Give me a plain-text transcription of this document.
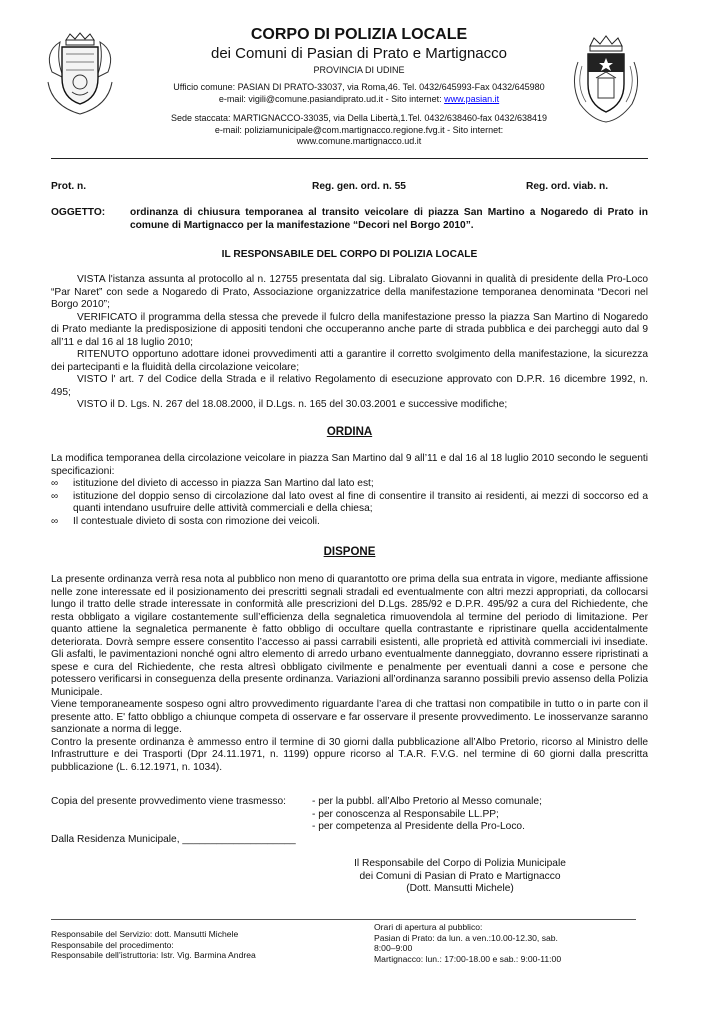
CORPO DI POLIZIA LOCALE
dei Comuni di Pasian di Prato e Martignacco
PROVINCIA DI UDINE
Ufficio comune: PASIAN DI PRATO-33037, via Roma,46. Tel. 0432/645993-Fax 0432/645980
e-mail: vigili@comune.pasiandiprato.ud.it - Sito internet: www.pasian.it
Sede staccata: MARTIGNACCO-33035, via Della Libertà,1.Tel. 0432/638460-fax 0432/638419
e-mail: poliziamunicipale@com.martignacco.regione.fvg.it - Sito internet:
www.comune.martignacco.ud.it
Prot. n.	Reg. gen. ord. n. 55	Reg. ord. viab. n.
OGGETTO: ordinanza di chiusura temporanea al transito veicolare di piazza San Martino a Nogaredo di Prato in comune di Martignacco per la manifestazione “Decori nel Borgo 2010”.
IL RESPONSABILE DEL CORPO DI POLIZIA LOCALE
VISTA l'istanza assunta al protocollo al n. 12755 presentata dal sig. Libralato Giovanni in qualità di presidente della Pro-Loco “Par Naret” con sede a Nogaredo di Prato, Associazione organizzatrice della manifestazione temporanea denominata “Decori nel Borgo 2010”;
VERIFICATO il programma della stessa che prevede il fulcro della manifestazione presso la piazza San Martino di Nogaredo di Prato mediante la predisposizione di appositi tendoni che occuperanno anche parte di strada pubblica e dei parcheggi auto dal 9 all’11 e dal 16 al 18 luglio 2010;
RITENUTO opportuno adottare idonei provvedimenti atti a garantire il corretto svolgimento della manifestazione, la sicurezza dei partecipanti e la fluidità della circolazione veicolare;
VISTO l' art. 7 del Codice della Strada e il relativo Regolamento di esecuzione approvato con D.P.R. 16 dicembre 1992, n. 495;
VISTO il D. Lgs. N. 267 del 18.08.2000, il D.Lgs. n. 165 del 30.03.2001 e successive modifiche;
ORDINA
La modifica temporanea della circolazione veicolare in piazza San Martino dal 9 all’11 e dal 16 al 18 luglio 2010 secondo le seguenti specificazioni:
∞ istituzione del divieto di accesso in piazza San Martino dal lato est;
∞ istituzione del doppio senso di circolazione dal lato ovest al fine di consentire il transito ai residenti, ai mezzi di soccorso ed a quanti intendano usufruire delle attività commerciali e della chiesa;
∞ Il contestuale divieto di sosta con rimozione dei veicoli.
DISPONE
La presente ordinanza verrà resa nota al pubblico non meno di quarantotto ore prima della sua entrata in vigore, mediante affissione nelle zone interessate ed il posizionamento dei prescritti segnali stradali ed eventualmente con altri mezzi appropriati, da collocarsi lungo il tratto delle strade interessate in conformità alle prescrizioni del D.Lgs. 285/92 e D.P.R. 495/92 a cura del Richiedente, che resta obbligato a vigilare costantemente sull’efficienza della segnaletica rimuovendola al termine del periodo di limitazione. Per quanto attiene la segnaletica permanente è fatto obbligo di occultare quella contrastante e ripristinare quella accidentalmente deteriorata. Dovrà sempre essere consentito l’accesso ai passi carrabili esistenti, alle proprietà ed attività commerciali ivi insediate. Gli asfalti, le pavimentazioni nonché ogni altro elemento di arredo urbano eventualmente danneggiato, dovranno essere ripristinati a spese e cura del Richiedente, che resta altresì obbligato civilmente e penalmente per eventuali danni a cose e persone che potessero verificarsi in conseguenza della presente ordinanza. Variazioni all’ordinanza saranno possibili previo assenso della Polizia Municipale.
Viene temporaneamente sospeso ogni altro provvedimento riguardante l’area di che trattasi non compatibile in tutto o in parte con il presente atto. E' fatto obbligo a chiunque competa di osservare e far osservare il presente provvedimento. Le inosservanze saranno sanzionate a norma di legge.
Contro la presente ordinanza è ammesso entro il termine di 30 giorni dalla pubblicazione all’Albo Pretorio, ricorso al Ministro delle Infrastrutture e dei Trasporti (Dpr 24.11.1971, n. 1199) oppure ricorso al T.A.R. F.V.G. nel termine di 60 giorni dalla prescritta pubblicazione (L. 6.12.1971, n. 1034).
Copia del presente provvedimento viene trasmesso:	- per la pubbl. all’Albo Pretorio al Messo comunale;
- per conoscenza al Responsabile LL.PP;
- per competenza al Presidente della Pro-Loco.
Dalla Residenza Municipale, ____________________
Il Responsabile del Corpo di Polizia Municipale
dei Comuni di Pasian di Prato e Martignacco
(Dott. Mansutti Michele)
Responsabile del Servizio: dott. Mansutti Michele
Responsabile del procedimento:
Responsabile dell’istruttoria: Istr. Vig. Barmina Andrea
Orari di apertura al pubblico:
Pasian di Prato: da lun. a ven.:10.00-12.30, sab.
8:00–9:00
Martignacco: lun.: 17:00-18.00 e sab.: 9:00-11:00
